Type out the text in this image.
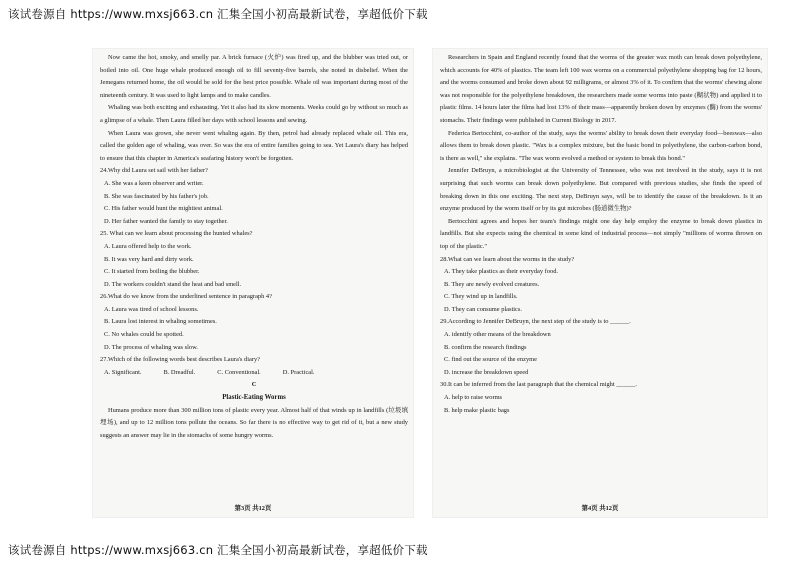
该试卷源自 https://www.mxsj663.cn 汇集全国小初高最新试卷，享超低价下载

Now came the hot, smoky, and smelly par. A brick furnace (火炉) was fired up, and the blubber was tried out, or boiled into oil. One huge whale produced enough oil to fill seventy-five barrels, she noted in disbelief. When the Jemegans returned home, the oil would be sold for the best price possible. Whale oil was important during most of the nineteenth century. It was used to light lamps and to make candles.

Whaling was both exciting and exhausting. Yet it also had its slow moments. Weeks could go by without so much as a glimpse of a whale. Then Laura filled her days with school lessons and sewing.

When Laura was grown, she never went whaling again. By then, petrol had already replaced whale oil. This era, called the golden age of whaling, was over. So was the era of entire families going to sea. Yet Laura's diary has helped to ensure that this chapter in America's seafaring history won't be forgotten.

24.Why did Laura set sail with her father?

A. She was a keen observer and writer.

B. She was fascinated by his father's job.

C. His father would hunt the mightiest animal.

D. Her father wanted the family to stay together.

25. What can we learn about processing the hunted whales?

A. Laura offered help to the work.

B. It was very hard and dirty work.

C. It started from boiling the blubber.

D. The workers couldn't stand the heat and bad smell.

26.What do we know from the underlined sentence in paragraph 4?

A. Laura was tired of school lessons.

B. Laura lost interest in whaling sometimes.

C. No whales could be spotted.

D. The process of whaling was slow.

27.Which of the following words best describes Laura's diary?

A. Significant.	B. Dreadful.	C. Conventional.	D. Practical.

C

Plastic-Eating Worms

Humans produce more than 300 million tons of plastic every year. Almost half of that winds up in landfills (垃圾填埋场), and up to 12 million tons pollute the oceans. So far there is no effective way to get rid of it, but a new study suggests an answer may lie in the stomachs of some hungry worms.

第3页 共12页

Researchers in Spain and England recently found that the worms of the greater wax moth can break down polyethylene, which accounts for 40% of plastics. The team left 100 wax worms on a commercial polyethylene shopping bag for 12 hours, and the worms consumed and broke down about 92 milligrams, or almost 3% of it. To confirm that the worms' chewing alone was not responsible for the polyethylene breakdown, the researchers made some worms into paste (糊状物) and applied it to plastic films. 14 hours later the films had lost 13% of their mass—apparently broken down by enzymes (酶) from the worms' stomachs. Their findings were published in Current Biology in 2017.

Federica Bertocchini, co-author of the study, says the worms' ability to break down their everyday food—beeswax—also allows them to break down plastic. "Wax is a complex mixture, but the basic bond in polyethylene, the carbon-carbon bond, is there as well," she explains. "The wax worm evolved a method or system to break this bond."

Jennifer DeBruyn, a microbiologist at the University of Tennessee, who was not involved in the study, says it is not surprising that such worms can break down polyethylene. But compared with previous studies, she finds the speed of breaking down in this one exciting. The next step, DeBruyn says, will be to identify the cause of the breakdown. Is it an enzyme produced by the worm itself or by its gut microbes (肠道微生物)?

Bertocchini agrees and hopes her team's findings might one day help employ the enzyme to break down plastics in landfills. But she expects using the chemical in some kind of industrial process—not simply "millions of worms thrown on top of the plastic."

28.What can we learn about the worms in the study?

A. They take plastics as their everyday food.

B. They are newly evolved creatures.

C. They wind up in landfills.

D. They can consume plastics.

29.According to Jennifer DeBruyn, the next step of the study is to ______.

A. identify other means of the breakdown

B. confirm the research findings

C. find out the source of the enzyme

D. increase the breakdown speed

30.It can be inferred from the last paragraph that the chemical might ______.

A. help to raise worms

B. help make plastic bags

第4页 共12页
该试卷源自 https://www.mxsj663.cn 汇集全国小初高最新试卷，享超低价下载
